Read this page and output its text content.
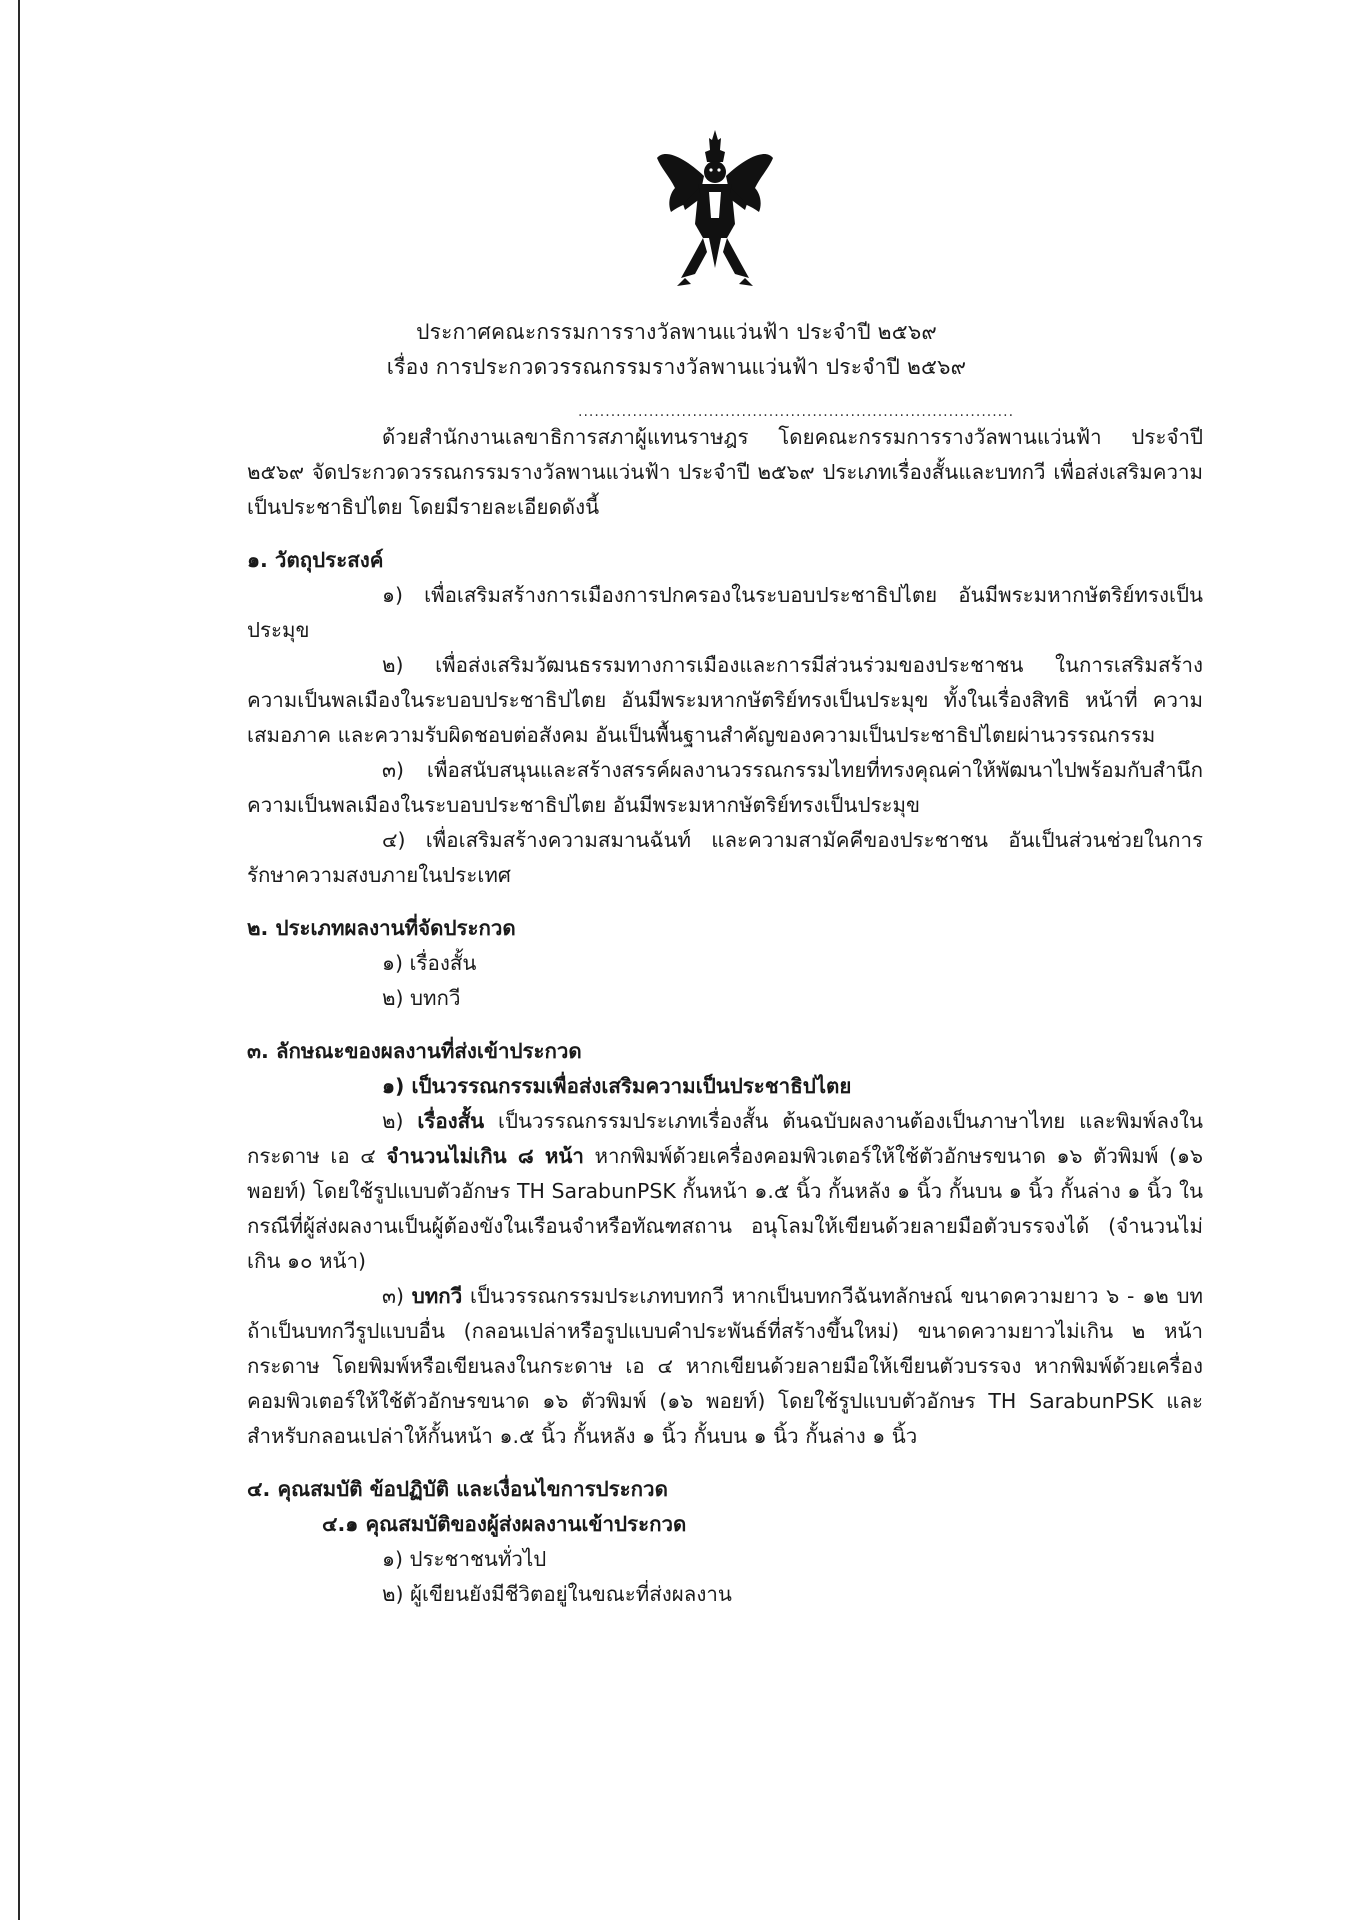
ประกาศคณะกรรมการรางวัลพานแว่นฟ้า ประจำปี ๒๕๖๙
เรื่อง การประกวดวรรณกรรมรางวัลพานแว่นฟ้า ประจำปี ๒๕๖๙
................................................................................

ด้วยสำนักงานเลขาธิการสภาผู้แทนราษฎร โดยคณะกรรมการรางวัลพานแว่นฟ้า ประจำปี ๒๕๖๙ จัดประกวดวรรณกรรมรางวัลพานแว่นฟ้า ประจำปี ๒๕๖๙ ประเภทเรื่องสั้นและบทกวี เพื่อส่งเสริมความเป็นประชาธิปไตย โดยมีรายละเอียดดังนี้

๑. วัตถุประสงค์

๑) เพื่อเสริมสร้างการเมืองการปกครองในระบอบประชาธิปไตย อันมีพระมหากษัตริย์ทรงเป็นประมุข

๒) เพื่อส่งเสริมวัฒนธรรมทางการเมืองและการมีส่วนร่วมของประชาชน ในการเสริมสร้างความเป็นพลเมืองในระบอบประชาธิปไตย อันมีพระมหากษัตริย์ทรงเป็นประมุข ทั้งในเรื่องสิทธิ หน้าที่ ความเสมอภาค และความรับผิดชอบต่อสังคม อันเป็นพื้นฐานสำคัญของความเป็นประชาธิปไตยผ่านวรรณกรรม

๓) เพื่อสนับสนุนและสร้างสรรค์ผลงานวรรณกรรมไทยที่ทรงคุณค่าให้พัฒนาไปพร้อมกับสำนึกความเป็นพลเมืองในระบอบประชาธิปไตย อันมีพระมหากษัตริย์ทรงเป็นประมุข

๔) เพื่อเสริมสร้างความสมานฉันท์ และความสามัคคีของประชาชน อันเป็นส่วนช่วยในการรักษาความสงบภายในประเทศ

๒. ประเภทผลงานที่จัดประกวด

๑) เรื่องสั้น

๒) บทกวี

๓. ลักษณะของผลงานที่ส่งเข้าประกวด

๑) เป็นวรรณกรรมเพื่อส่งเสริมความเป็นประชาธิปไตย

๒) เรื่องสั้น เป็นวรรณกรรมประเภทเรื่องสั้น ต้นฉบับผลงานต้องเป็นภาษาไทย และพิมพ์ลงในกระดาษ เอ ๔ จำนวนไม่เกิน ๘ หน้า หากพิมพ์ด้วยเครื่องคอมพิวเตอร์ให้ใช้ตัวอักษรขนาด ๑๖ ตัวพิมพ์ (๑๖ พอยท์) โดยใช้รูปแบบตัวอักษร TH SarabunPSK กั้นหน้า ๑.๕ นิ้ว กั้นหลัง ๑ นิ้ว กั้นบน ๑ นิ้ว กั้นล่าง ๑ นิ้ว ในกรณีที่ผู้ส่งผลงานเป็นผู้ต้องขังในเรือนจำหรือทัณฑสถาน อนุโลมให้เขียนด้วยลายมือตัวบรรจงได้ (จำนวนไม่เกิน ๑๐ หน้า)

๓) บทกวี เป็นวรรณกรรมประเภทบทกวี หากเป็นบทกวีฉันทลักษณ์ ขนาดความยาว ๖ - ๑๒ บท ถ้าเป็นบทกวีรูปแบบอื่น (กลอนเปล่าหรือรูปแบบคำประพันธ์ที่สร้างขึ้นใหม่) ขนาดความยาวไม่เกิน ๒ หน้ากระดาษ โดยพิมพ์หรือเขียนลงในกระดาษ เอ ๔ หากเขียนด้วยลายมือให้เขียนตัวบรรจง หากพิมพ์ด้วยเครื่องคอมพิวเตอร์ให้ใช้ตัวอักษรขนาด ๑๖ ตัวพิมพ์ (๑๖ พอยท์) โดยใช้รูปแบบตัวอักษร TH SarabunPSK และสำหรับกลอนเปล่าให้กั้นหน้า ๑.๕ นิ้ว กั้นหลัง ๑ นิ้ว กั้นบน ๑ นิ้ว กั้นล่าง ๑ นิ้ว

๔. คุณสมบัติ ข้อปฏิบัติ และเงื่อนไขการประกวด

๔.๑ คุณสมบัติของผู้ส่งผลงานเข้าประกวด

๑) ประชาชนทั่วไป

๒) ผู้เขียนยังมีชีวิตอยู่ในขณะที่ส่งผลงาน
